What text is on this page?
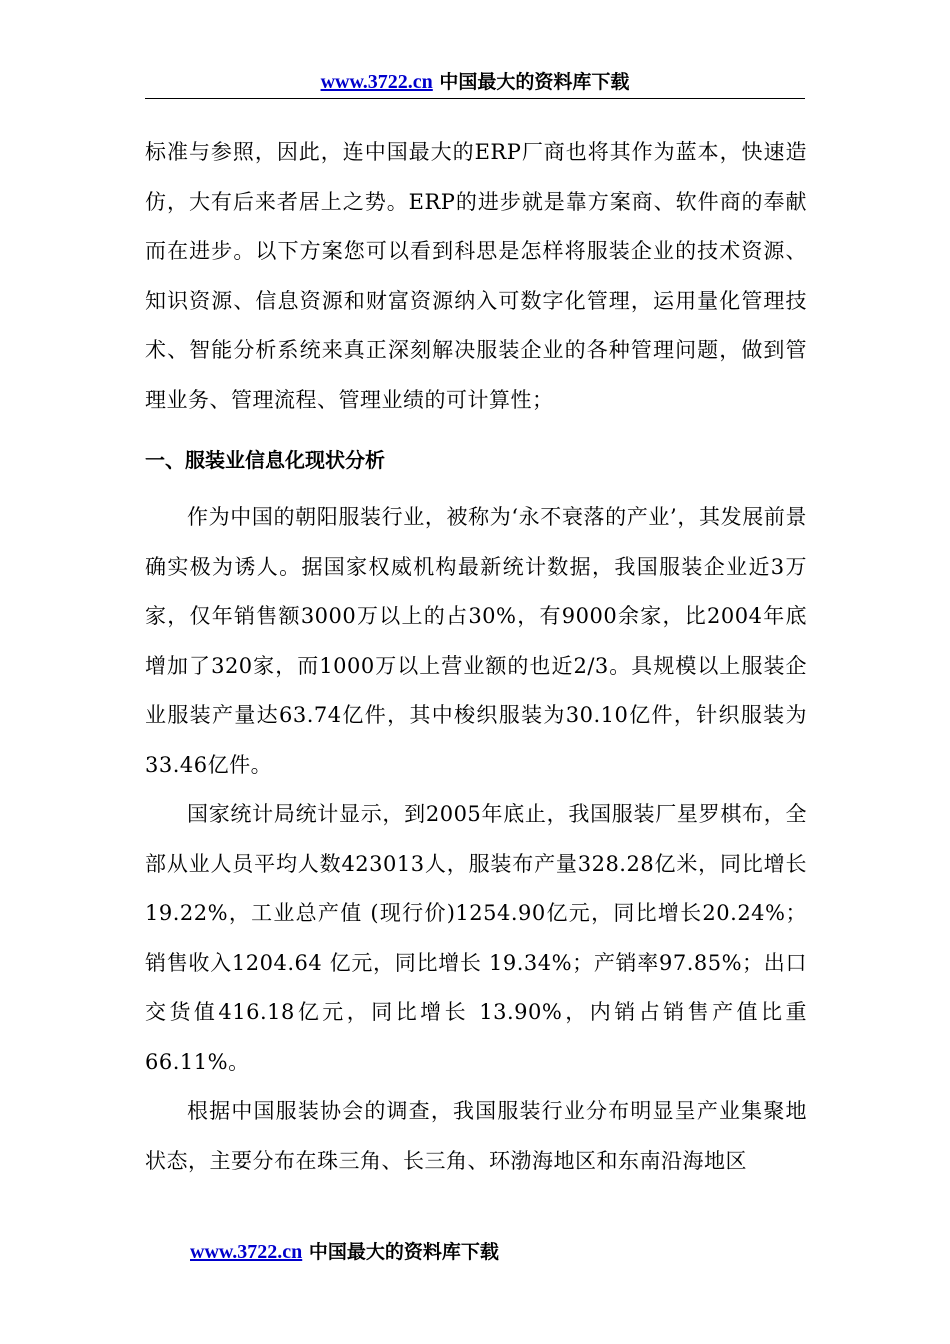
www.3722.cn 中国最大的资料库下载

标准与参照，因此，连中国最大的ERP厂商也将其作为蓝本，快速造仿，大有后来者居上之势。ERP的进步就是靠方案商、软件商的奉献而在进步。以下方案您可以看到科思是怎样将服装企业的技术资源、知识资源、信息资源和财富资源纳入可数字化管理，运用量化管理技术、智能分析系统来真正深刻解决服装企业的各种管理问题，做到管理业务、管理流程、管理业绩的可计算性；

一、服装业信息化现状分析

作为中国的朝阳服装行业，被称为‘永不衰落的产业’，其发展前景确实极为诱人。据国家权威机构最新统计数据，我国服装企业近3万家，仅年销售额3000万以上的占30%，有9000余家，比2004年底增加了320家，而1000万以上营业额的也近2/3。具规模以上服装企业服装产量达63.74亿件，其中梭织服装为30.10亿件，针织服装为33.46亿件。

国家统计局统计显示，到2005年底止，我国服装厂星罗棋布，全部从业人员平均人数423013人，服装布产量328.28亿米，同比增长19.22%，工业总产值 (现行价)1254.90亿元，同比增长20.24%；销售收入1204.64 亿元，同比增长 19.34%；产销率97.85%；出口交货值416.18亿元，同比增长 13.90%，内销占销售产值比重66.11%。

根据中国服装协会的调查，我国服装行业分布明显呈产业集聚地状态，主要分布在珠三角、长三角、环渤海地区和东南沿海地区

www.3722.cn 中国最大的资料库下载
